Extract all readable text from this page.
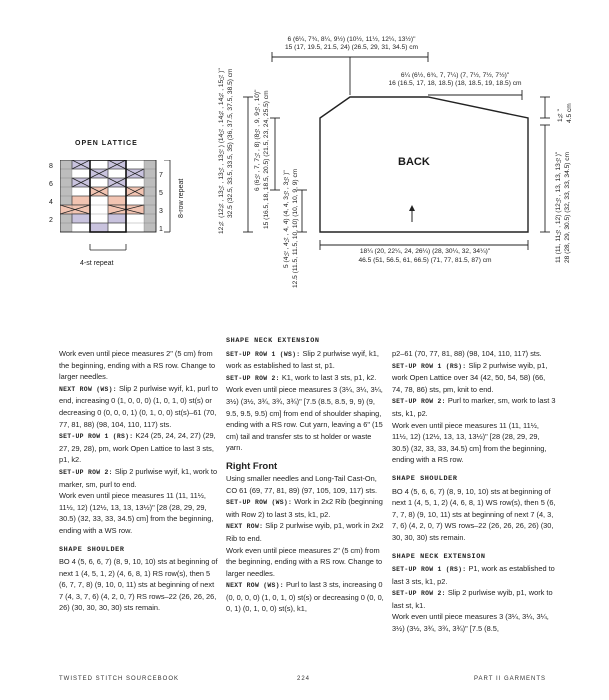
6 (6¼, 7¾, 8¼, 9½) (10½, 11½, 12¼, 13½)"
15 (17, 19.5, 21.5, 24) (26.5, 29, 31, 34.5) cm
6¼ (6½, 6¾, 7, 7¼) (7, 7½, 7½, 7½)"
16 (16.5, 17, 18, 18.5) (18, 18.5, 19, 18.5) cm
BACK
1¾" 4.5 cm
11 (11, 11½, 12) (12½, 13, 13, 13½)" 28 (28, 29, 30.5) (32, 33, 33, 34.5) cm
12¾ (12¾, 13¼, 13¼, 13½) (14¼, 14¾, 14¾, 15¼)" 32.5 (32.5, 33.5, 33.5, 35) (36, 37.5, 37.5, 38.5) cm	6 (6½, 7, 7¼, 8) (8½, 9, 9½, 10)" 15 (16.5, 18, 18.5, 20.5) (21.5, 23, 24, 25.5) cm 5 (4½, 4¼, 4, 4) (4, 4, 3½, 3½)" 12.5 (11.5, 11.5, 10, 10) (10, 10, 9, 9) cm	18¼ (20, 22¼, 24, 26¼) (28, 30¼, 32, 34¼)"
46.5 (51, 56.5, 61, 66.5) (71, 77, 81.5, 87) cm
OPEN LATTICE
8
6
4
2
7
5
3
1
8-row repeat
4-st repeat

Work even until piece measures 2" (5 cm) from the beginning, ending with a RS row. Change to larger needles.

NEXT ROW (WS): Slip 2 purlwise wyif, k1, purl to end, increasing 0 (1, 0, 0, 0) (1, 0, 1, 0) st(s) or decreasing 0 (0, 0, 0, 1) (0, 1, 0, 0) st(s)–61 (70, 77, 81, 88) (98, 104, 110, 117) sts.

SET-UP ROW 1 (RS): K24 (25, 24, 24, 27) (29, 27, 29, 28), pm, work Open Lattice to last 3 sts, p1, k2.

SET-UP ROW 2: Slip 2 purlwise wyif, k1, work to marker, sm, purl to end.

Work even until piece measures 11 (11, 11½, 11½, 12) (12½, 13, 13, 13½)" [28 (28, 29, 29, 30.5) (32, 33, 33, 34.5) cm] from the beginning, ending with a WS row.

SHAPE SHOULDER

BO 4 (5, 6, 6, 7) (8, 9, 10, 10) sts at beginning of next 1 (4, 5, 1, 2) (4, 6, 8, 1) RS row(s), then 5 (6, 7, 7, 8) (9, 10, 0, 11) sts at beginning of next 7 (4, 3, 7, 6) (4, 2, 0, 7) RS rows–22 (26, 26, 26, 26) (30, 30, 30, 30) sts remain.

SHAPE NECK EXTENSION

SET-UP ROW 1 (WS): Slip 2 purlwise wyif, k1, work as established to last st, p1.

SET-UP ROW 2: K1, work to last 3 sts, p1, k2.

Work even until piece measures 3 (3¼, 3¼, 3¼, 3½) (3½, 3¾, 3¾, 3¾)" [7.5 (8.5, 8.5, 9, 9) (9, 9.5, 9.5, 9.5) cm] from end of shoulder shaping, ending with a RS row. Cut yarn, leaving a 6" (15 cm) tail and transfer sts to st holder or waste yarn.

Right Front

Using smaller needles and Long-Tail Cast-On, CO 61 (69, 77, 81, 89) (97, 105, 109, 117) sts.

SET-UP ROW (WS): Work in 2x2 Rib (beginning with Row 2) to last 3 sts, k1, p2.

NEXT ROW: Slip 2 purlwise wyib, p1, work in 2x2 Rib to end.

Work even until piece measures 2" (5 cm) from the beginning, ending with a RS row. Change to larger needles.

NEXT ROW (WS): Purl to last 3 sts, increasing 0 (0, 0, 0, 0) (1, 0, 1, 0) st(s) or decreasing 0 (0, 0, 0, 1) (0, 1, 0, 0) st(s), k1,

p2–61 (70, 77, 81, 88) (98, 104, 110, 117) sts.

SET-UP ROW 1 (RS): Slip 2 purlwise wyib, p1, work Open Lattice over 34 (42, 50, 54, 58) (66, 74, 78, 86) sts, pm, knit to end.

SET-UP ROW 2: Purl to marker, sm, work to last 3 sts, k1, p2.

Work even until piece measures 11 (11, 11½, 11½, 12) (12½, 13, 13, 13½)" [28 (28, 29, 29, 30.5) (32, 33, 33, 34.5) cm] from the beginning, ending with a RS row.

SHAPE SHOULDER

BO 4 (5, 6, 6, 7) (8, 9, 10, 10) sts at beginning of next 1 (4, 5, 1, 2) (4, 6, 8, 1) WS row(s), then 5 (6, 7, 7, 8) (9, 10, 11) sts at beginning of next 7 (4, 3, 7, 6) (4, 2, 0, 7) WS rows–22 (26, 26, 26, 26) (30, 30, 30, 30) sts remain.

SHAPE NECK EXTENSION

SET-UP ROW 1 (RS): P1, work as established to last 3 sts, k1, p2.

SET-UP ROW 2: Slip 2 purlwise wyib, p1, work to last st, k1.

Work even until piece measures 3 (3¼, 3¼, 3¼, 3½) (3½, 3¾, 3¾, 3¾)" [7.5 (8.5,

TWISTED STITCH SOURCEBOOK	224	PART II GARMENTS
